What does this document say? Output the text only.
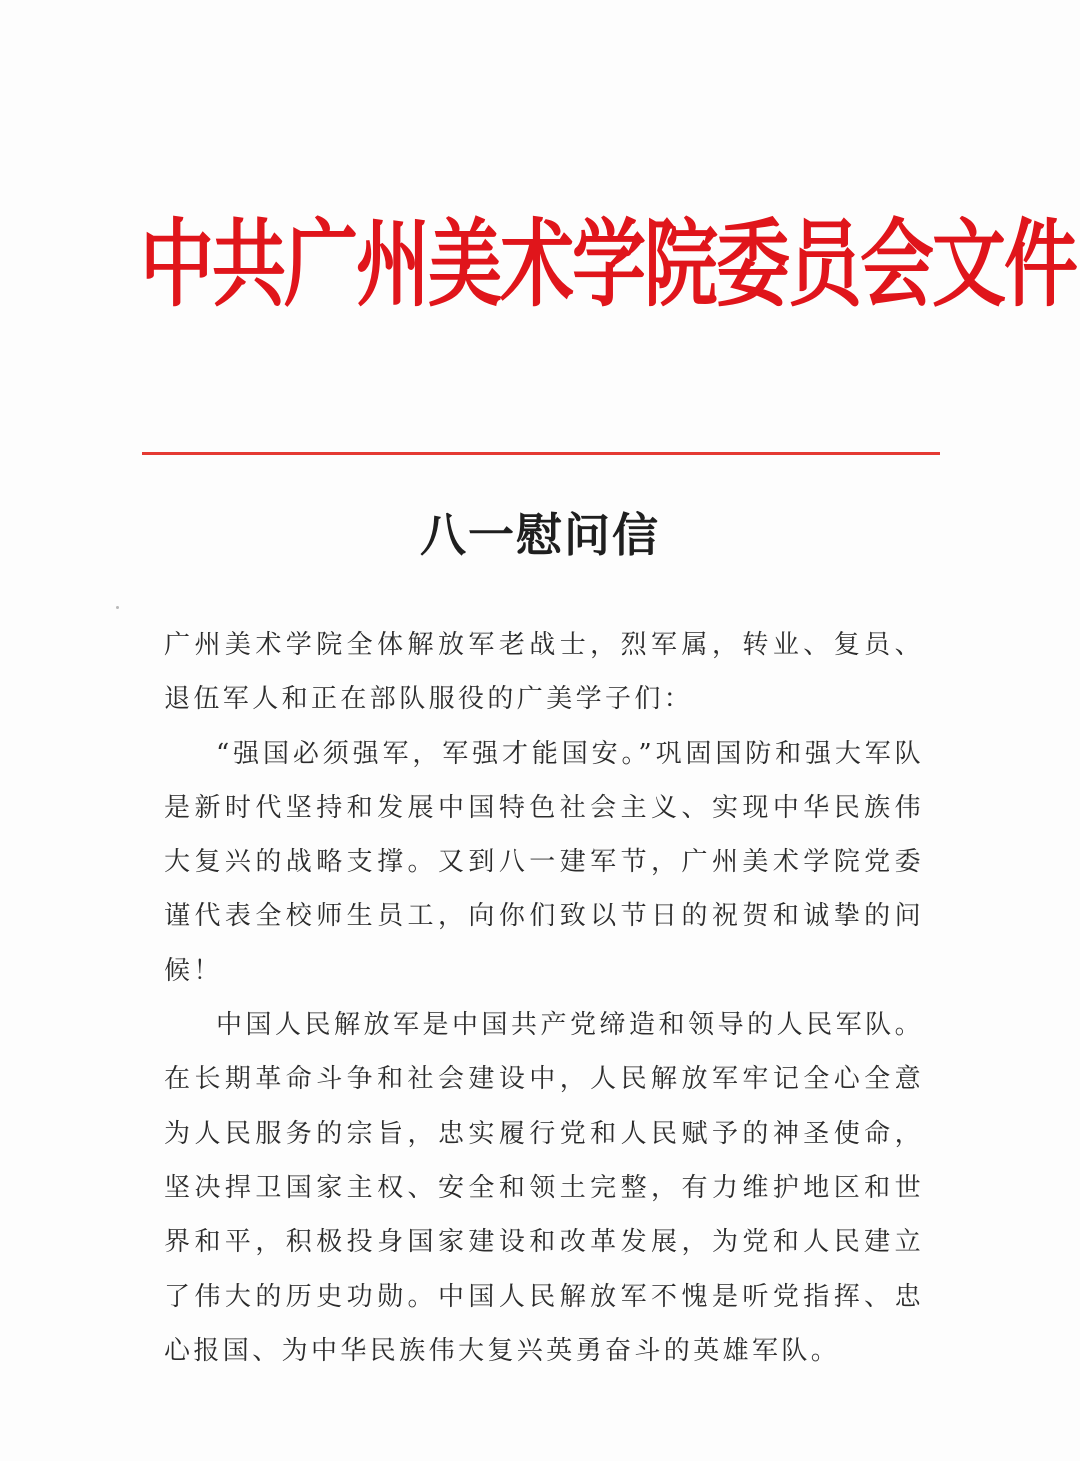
中共广州美术学院委员会文件
八一慰问信

广州美术学院全体解放军老战士，烈军属，转业、复员、退伍军人和正在部队服役的广美学子们：

“强国必须强军，军强才能国安。”巩固国防和强大军队是新时代坚持和发展中国特色社会主义、实现中华民族伟大复兴的战略支撑。又到八一建军节，广州美术学院党委谨代表全校师生员工，向你们致以节日的祝贺和诚挚的问候！

中国人民解放军是中国共产党缔造和领导的人民军队。在长期革命斗争和社会建设中，人民解放军牢记全心全意为人民服务的宗旨，忠实履行党和人民赋予的神圣使命，坚决捍卫国家主权、安全和领土完整，有力维护地区和世界和平，积极投身国家建设和改革发展，为党和人民建立了伟大的历史功勋。中国人民解放军不愧是听党指挥、忠心报国、为中华民族伟大复兴英勇奋斗的英雄军队。
